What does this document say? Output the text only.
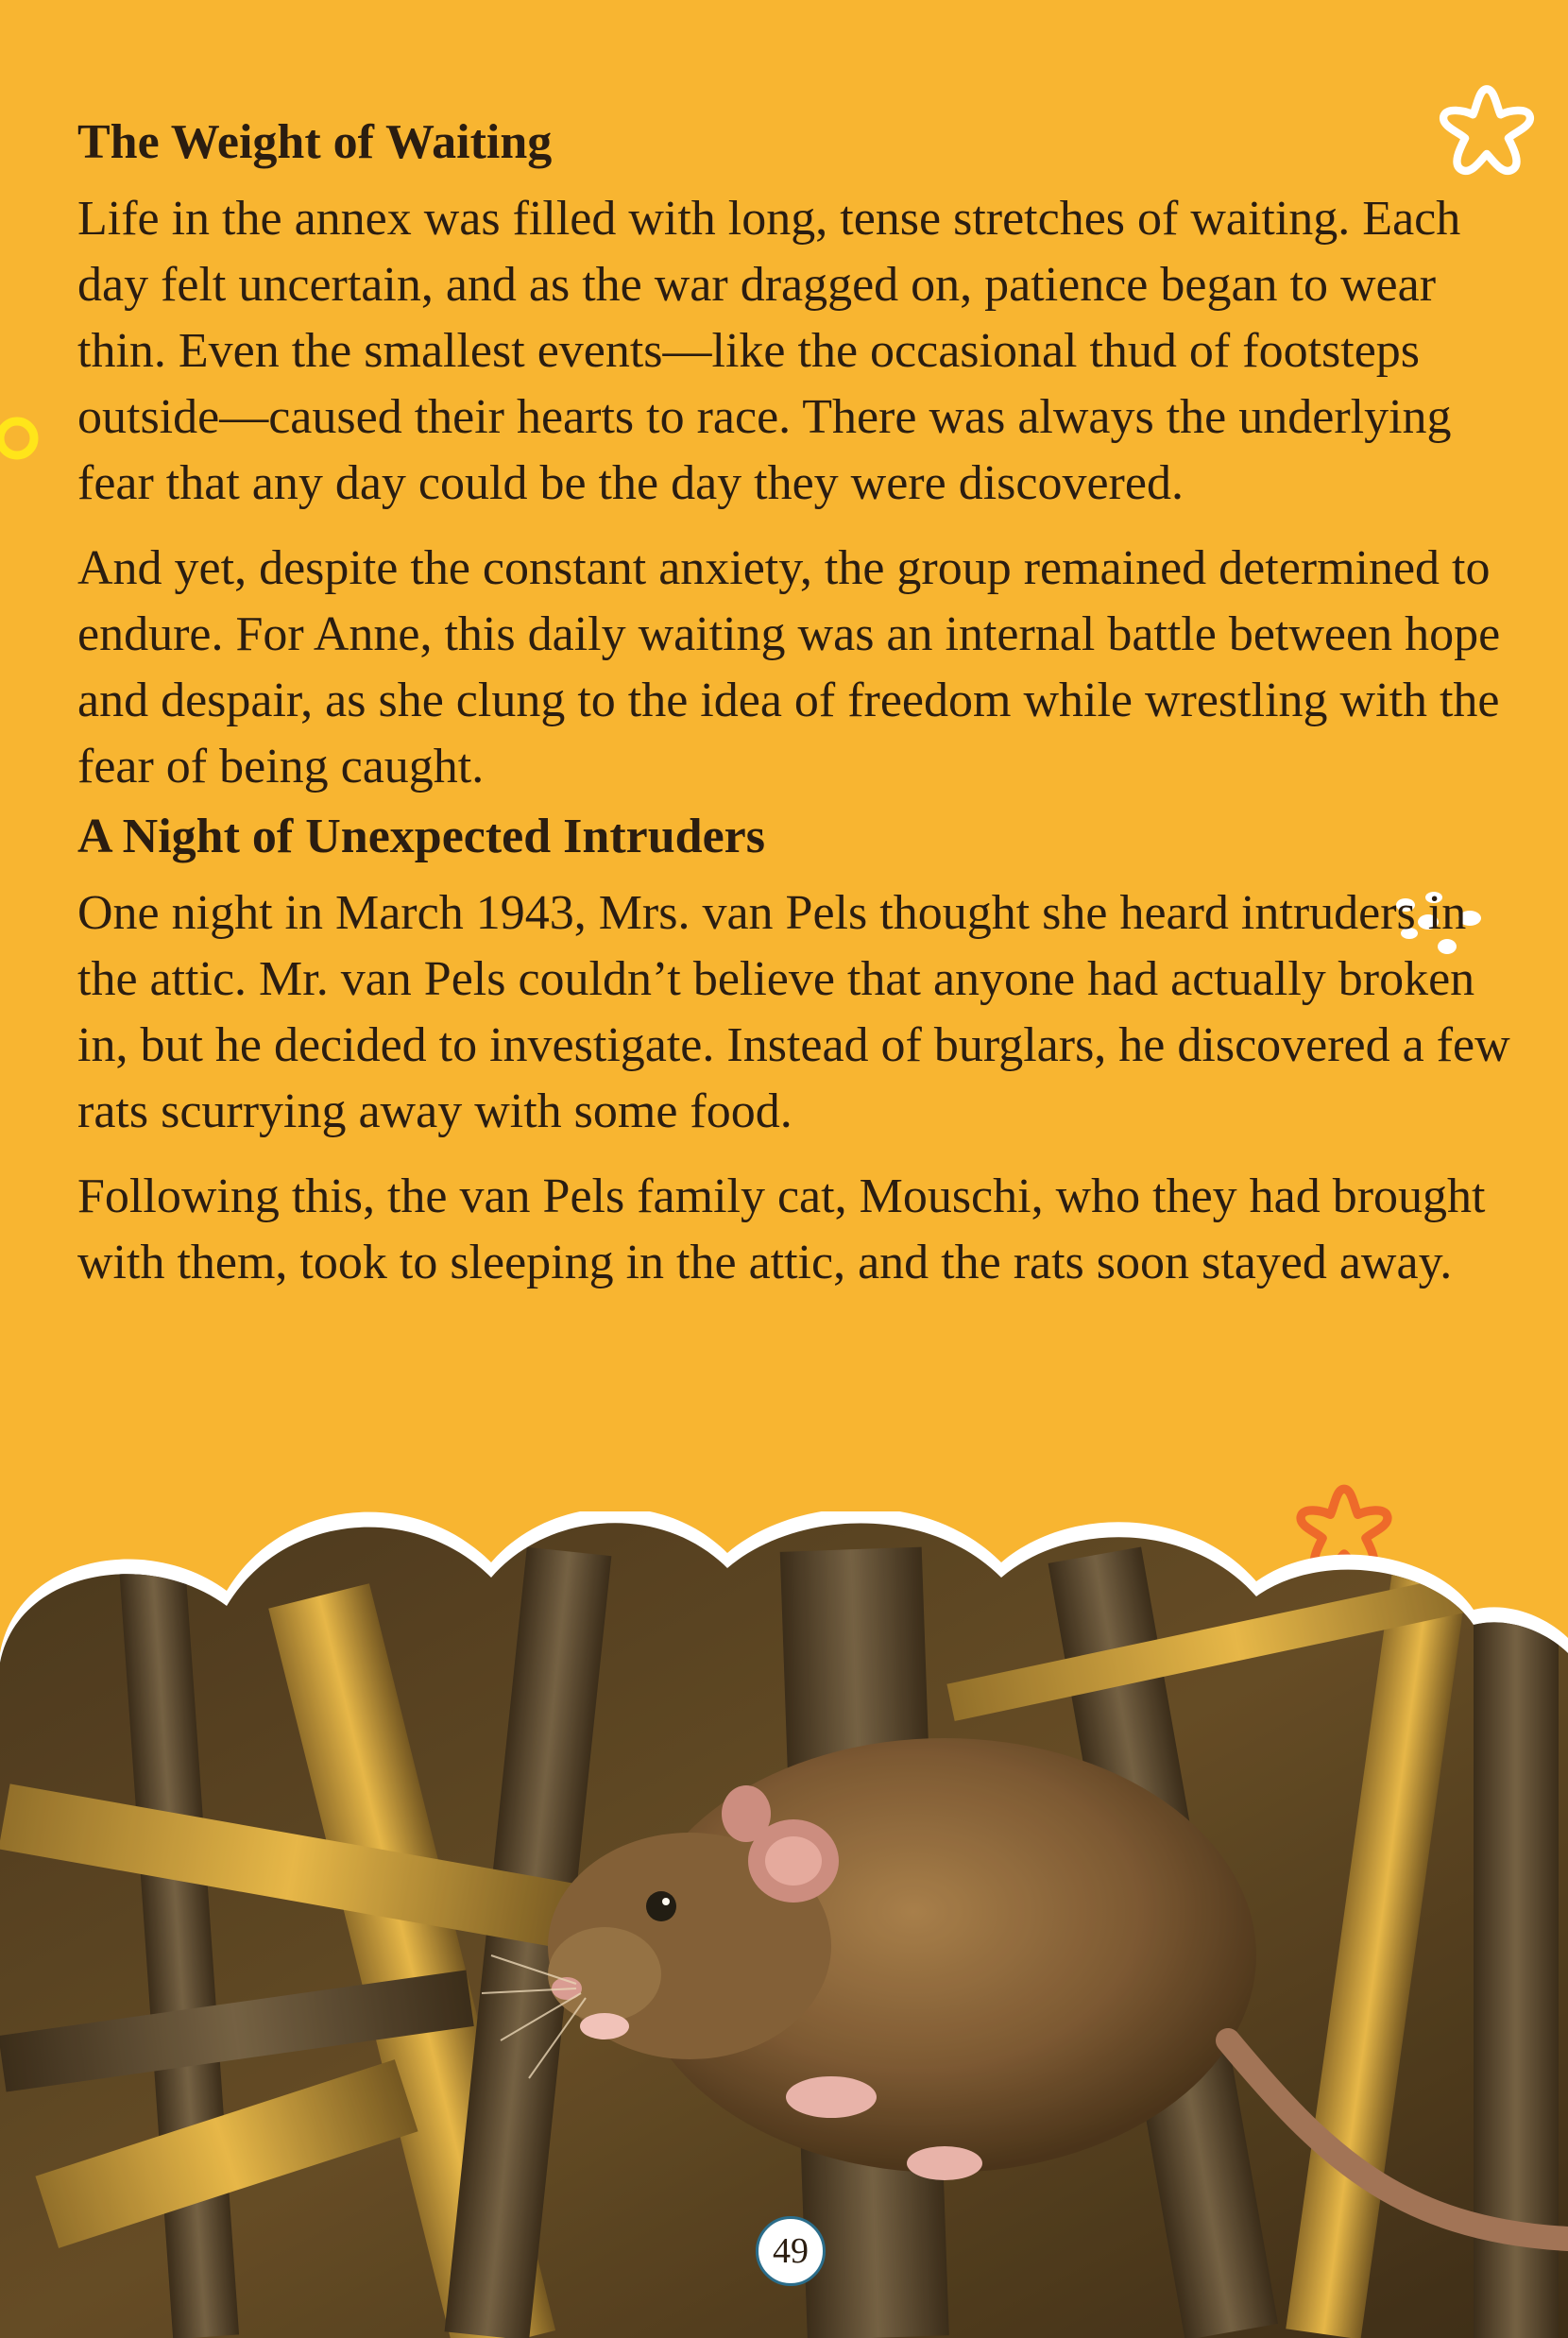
The Weight of Waiting

Life in the annex was filled with long, tense stretches of waiting. Each day felt uncertain, and as the war dragged on, patience began to wear thin. Even the smallest events—like the occasional thud of footsteps outside—caused their hearts to race. There was always the underlying fear that any day could be the day they were discovered.

And yet, despite the constant anxiety, the group remained determined to endure. For Anne, this daily waiting was an internal battle between hope and despair, as she clung to the idea of freedom while wrestling with the fear of being caught.

A Night of Unexpected Intruders

One night in March 1943, Mrs. van Pels thought she heard intruders in the attic. Mr. van Pels couldn’t believe that anyone had actually broken in, but he decided to investigate. Instead of burglars, he discovered a few rats scurrying away with some food.

Following this, the van Pels family cat, Mouschi, who they had brought with them, took to sleeping in the attic, and the rats soon stayed away.

49
